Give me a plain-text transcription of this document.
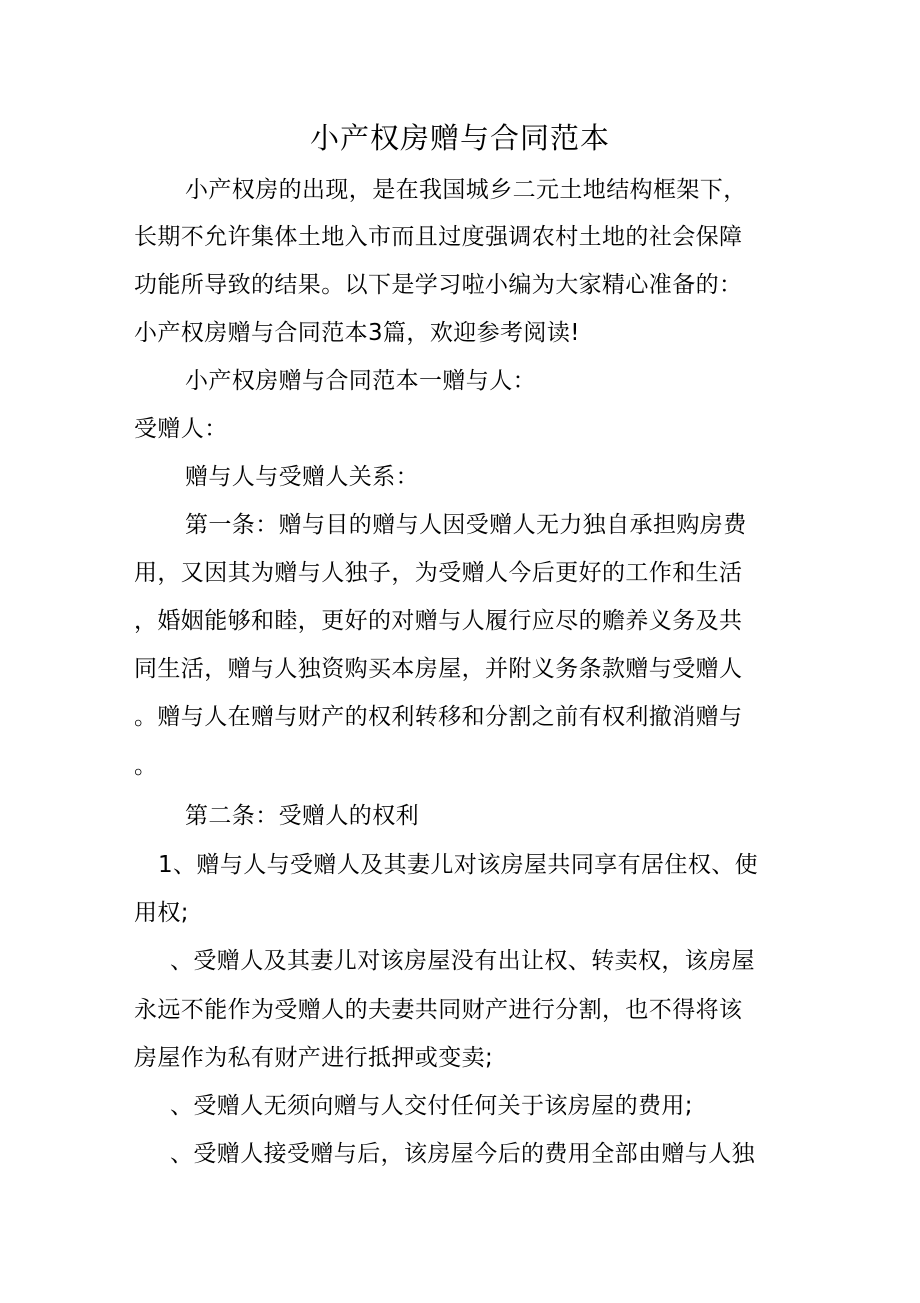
小产权房赠与合同范本
小产权房的出现，是在我国城乡二元土地结构框架下，
长期不允许集体土地入市而且过度强调农村土地的社会保障
功能所导致的结果。以下是学习啦小编为大家精心准备的：
小产权房赠与合同范本3篇，欢迎参考阅读!
小产权房赠与合同范本一赠与人：
受赠人：
赠与人与受赠人关系：
第一条：赠与目的赠与人因受赠人无力独自承担购房费
用，又因其为赠与人独子，为受赠人今后更好的工作和生活
，婚姻能够和睦，更好的对赠与人履行应尽的赡养义务及共
同生活，赠与人独资购买本房屋，并附义务条款赠与受赠人
。赠与人在赠与财产的权利转移和分割之前有权利撤消赠与
。
第二条：受赠人的权利
1、赠与人与受赠人及其妻儿对该房屋共同享有居住权、使
用权;
、受赠人及其妻儿对该房屋没有出让权、转卖权，该房屋
永远不能作为受赠人的夫妻共同财产进行分割，也不得将该
房屋作为私有财产进行抵押或变卖;
、受赠人无须向赠与人交付任何关于该房屋的费用;
、受赠人接受赠与后，该房屋今后的费用全部由赠与人独
